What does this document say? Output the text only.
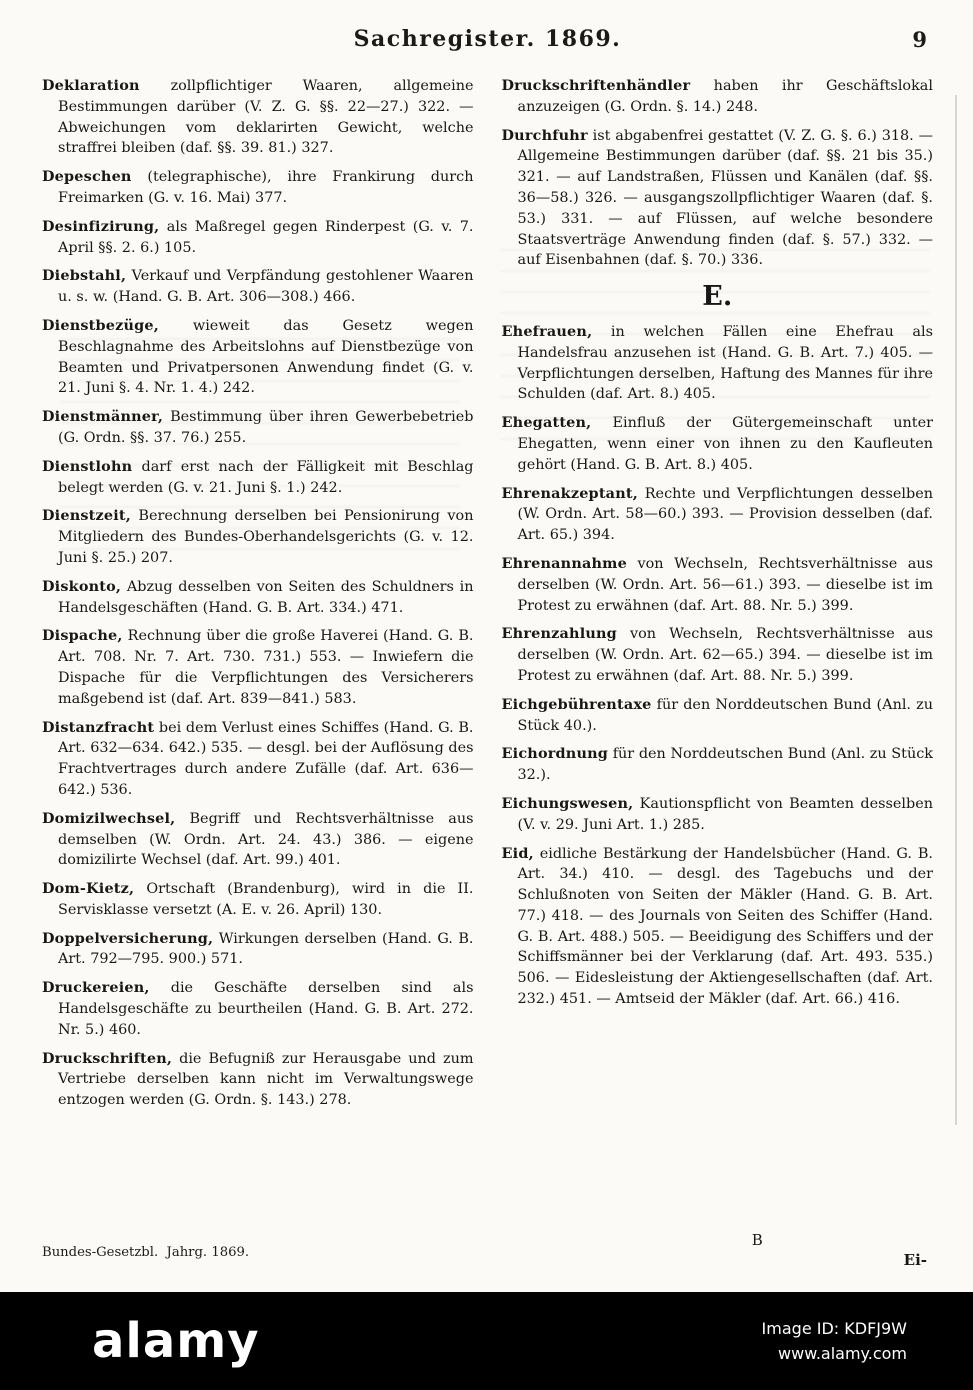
Sachregister. 1869.	9

Deklaration zollpflichtiger Waaren, allgemeine Bestimmungen darüber (V. Z. G. §§. 22—27.) 322. — Abweichungen vom deklarirten Gewicht, welche straffrei bleiben (daf. §§. 39. 81.) 327.

Depeschen (telegraphische), ihre Frankirung durch Freimarken (G. v. 16. Mai) 377.

Desinfizirung, als Maßregel gegen Rinderpest (G. v. 7. April §§. 2. 6.) 105.

Diebstahl, Verkauf und Verpfändung gestohlener Waaren u. s. w. (Hand. G. B. Art. 306—308.) 466.

Dienstbezüge, wieweit das Gesetz wegen Beschlagnahme des Arbeitslohns auf Dienstbezüge von Beamten und Privatpersonen Anwendung findet (G. v. 21. Juni §. 4. Nr. 1. 4.) 242.

Dienstmänner, Bestimmung über ihren Gewerbebetrieb (G. Ordn. §§. 37. 76.) 255.

Dienstlohn darf erst nach der Fälligkeit mit Beschlag belegt werden (G. v. 21. Juni §. 1.) 242.

Dienstzeit, Berechnung derselben bei Pensionirung von Mitgliedern des Bundes-Oberhandelsgerichts (G. v. 12. Juni §. 25.) 207.

Diskonto, Abzug desselben von Seiten des Schuldners in Handelsgeschäften (Hand. G. B. Art. 334.) 471.

Dispache, Rechnung über die große Haverei (Hand. G. B. Art. 708. Nr. 7. Art. 730. 731.) 553. — Inwiefern die Dispache für die Verpflichtungen des Versicherers maßgebend ist (daf. Art. 839—841.) 583.

Distanzfracht bei dem Verlust eines Schiffes (Hand. G. B. Art. 632—634. 642.) 535. — desgl. bei der Auflösung des Frachtvertrages durch andere Zufälle (daf. Art. 636—642.) 536.

Domizilwechsel, Begriff und Rechtsverhältnisse aus demselben (W. Ordn. Art. 24. 43.) 386. — eigene domizilirte Wechsel (daf. Art. 99.) 401.

Dom-Kietz, Ortschaft (Brandenburg), wird in die II. Servisklasse versetzt (A. E. v. 26. April) 130.

Doppelversicherung, Wirkungen derselben (Hand. G. B. Art. 792—795. 900.) 571.

Druckereien, die Geschäfte derselben sind als Handelsgeschäfte zu beurtheilen (Hand. G. B. Art. 272. Nr. 5.) 460.

Druckschriften, die Befugniß zur Herausgabe und zum Vertriebe derselben kann nicht im Verwaltungswege entzogen werden (G. Ordn. §. 143.) 278.

Bundes-Gesetzbl.  Jahrg. 1869.

Druckschriftenhändler haben ihr Geschäftslokal anzuzeigen (G. Ordn. §. 14.) 248.

Durchfuhr ist abgabenfrei gestattet (V. Z. G. §. 6.) 318. — Allgemeine Bestimmungen darüber (daf. §§. 21 bis 35.) 321. — auf Landstraßen, Flüssen und Kanälen (daf. §§. 36—58.) 326. — ausgangszollpflichtiger Waaren (daf. §. 53.) 331. — auf Flüssen, auf welche besondere Staatsverträge Anwendung finden (daf. §. 57.) 332. — auf Eisenbahnen (daf. §. 70.) 336.

E.

Ehefrauen, in welchen Fällen eine Ehefrau als Handelsfrau anzusehen ist (Hand. G. B. Art. 7.) 405. — Verpflichtungen derselben, Haftung des Mannes für ihre Schulden (daf. Art. 8.) 405.

Ehegatten, Einfluß der Gütergemeinschaft unter Ehegatten, wenn einer von ihnen zu den Kaufleuten gehört (Hand. G. B. Art. 8.) 405.

Ehrenakzeptant, Rechte und Verpflichtungen desselben (W. Ordn. Art. 58—60.) 393. — Provision desselben (daf. Art. 65.) 394.

Ehrenannahme von Wechseln, Rechtsverhältnisse aus derselben (W. Ordn. Art. 56—61.) 393. — dieselbe ist im Protest zu erwähnen (daf. Art. 88. Nr. 5.) 399.

Ehrenzahlung von Wechseln, Rechtsverhältnisse aus derselben (W. Ordn. Art. 62—65.) 394. — dieselbe ist im Protest zu erwähnen (daf. Art. 88. Nr. 5.) 399.

Eichgebührentaxe für den Norddeutschen Bund (Anl. zu Stück 40.).

Eichordnung für den Norddeutschen Bund (Anl. zu Stück 32.).

Eichungswesen, Kautionspflicht von Beamten desselben (V. v. 29. Juni Art. 1.) 285.

Eid, eidliche Bestärkung der Handelsbücher (Hand. G. B. Art. 34.) 410. — desgl. des Tagebuchs und der Schlußnoten von Seiten der Mäkler (Hand. G. B. Art. 77.) 418. — des Journals von Seiten des Schiffer (Hand. G. B. Art. 488.) 505. — Beeidigung des Schiffers und der Schiffsmänner bei der Verklarung (daf. Art. 493. 535.) 506. — Eidesleistung der Aktiengesellschaften (daf. Art. 232.) 451. — Amtseid der Mäkler (daf. Art. 66.) 416.

B
Ei-
alamy	Image ID: KDFJ9W
www.alamy.com
